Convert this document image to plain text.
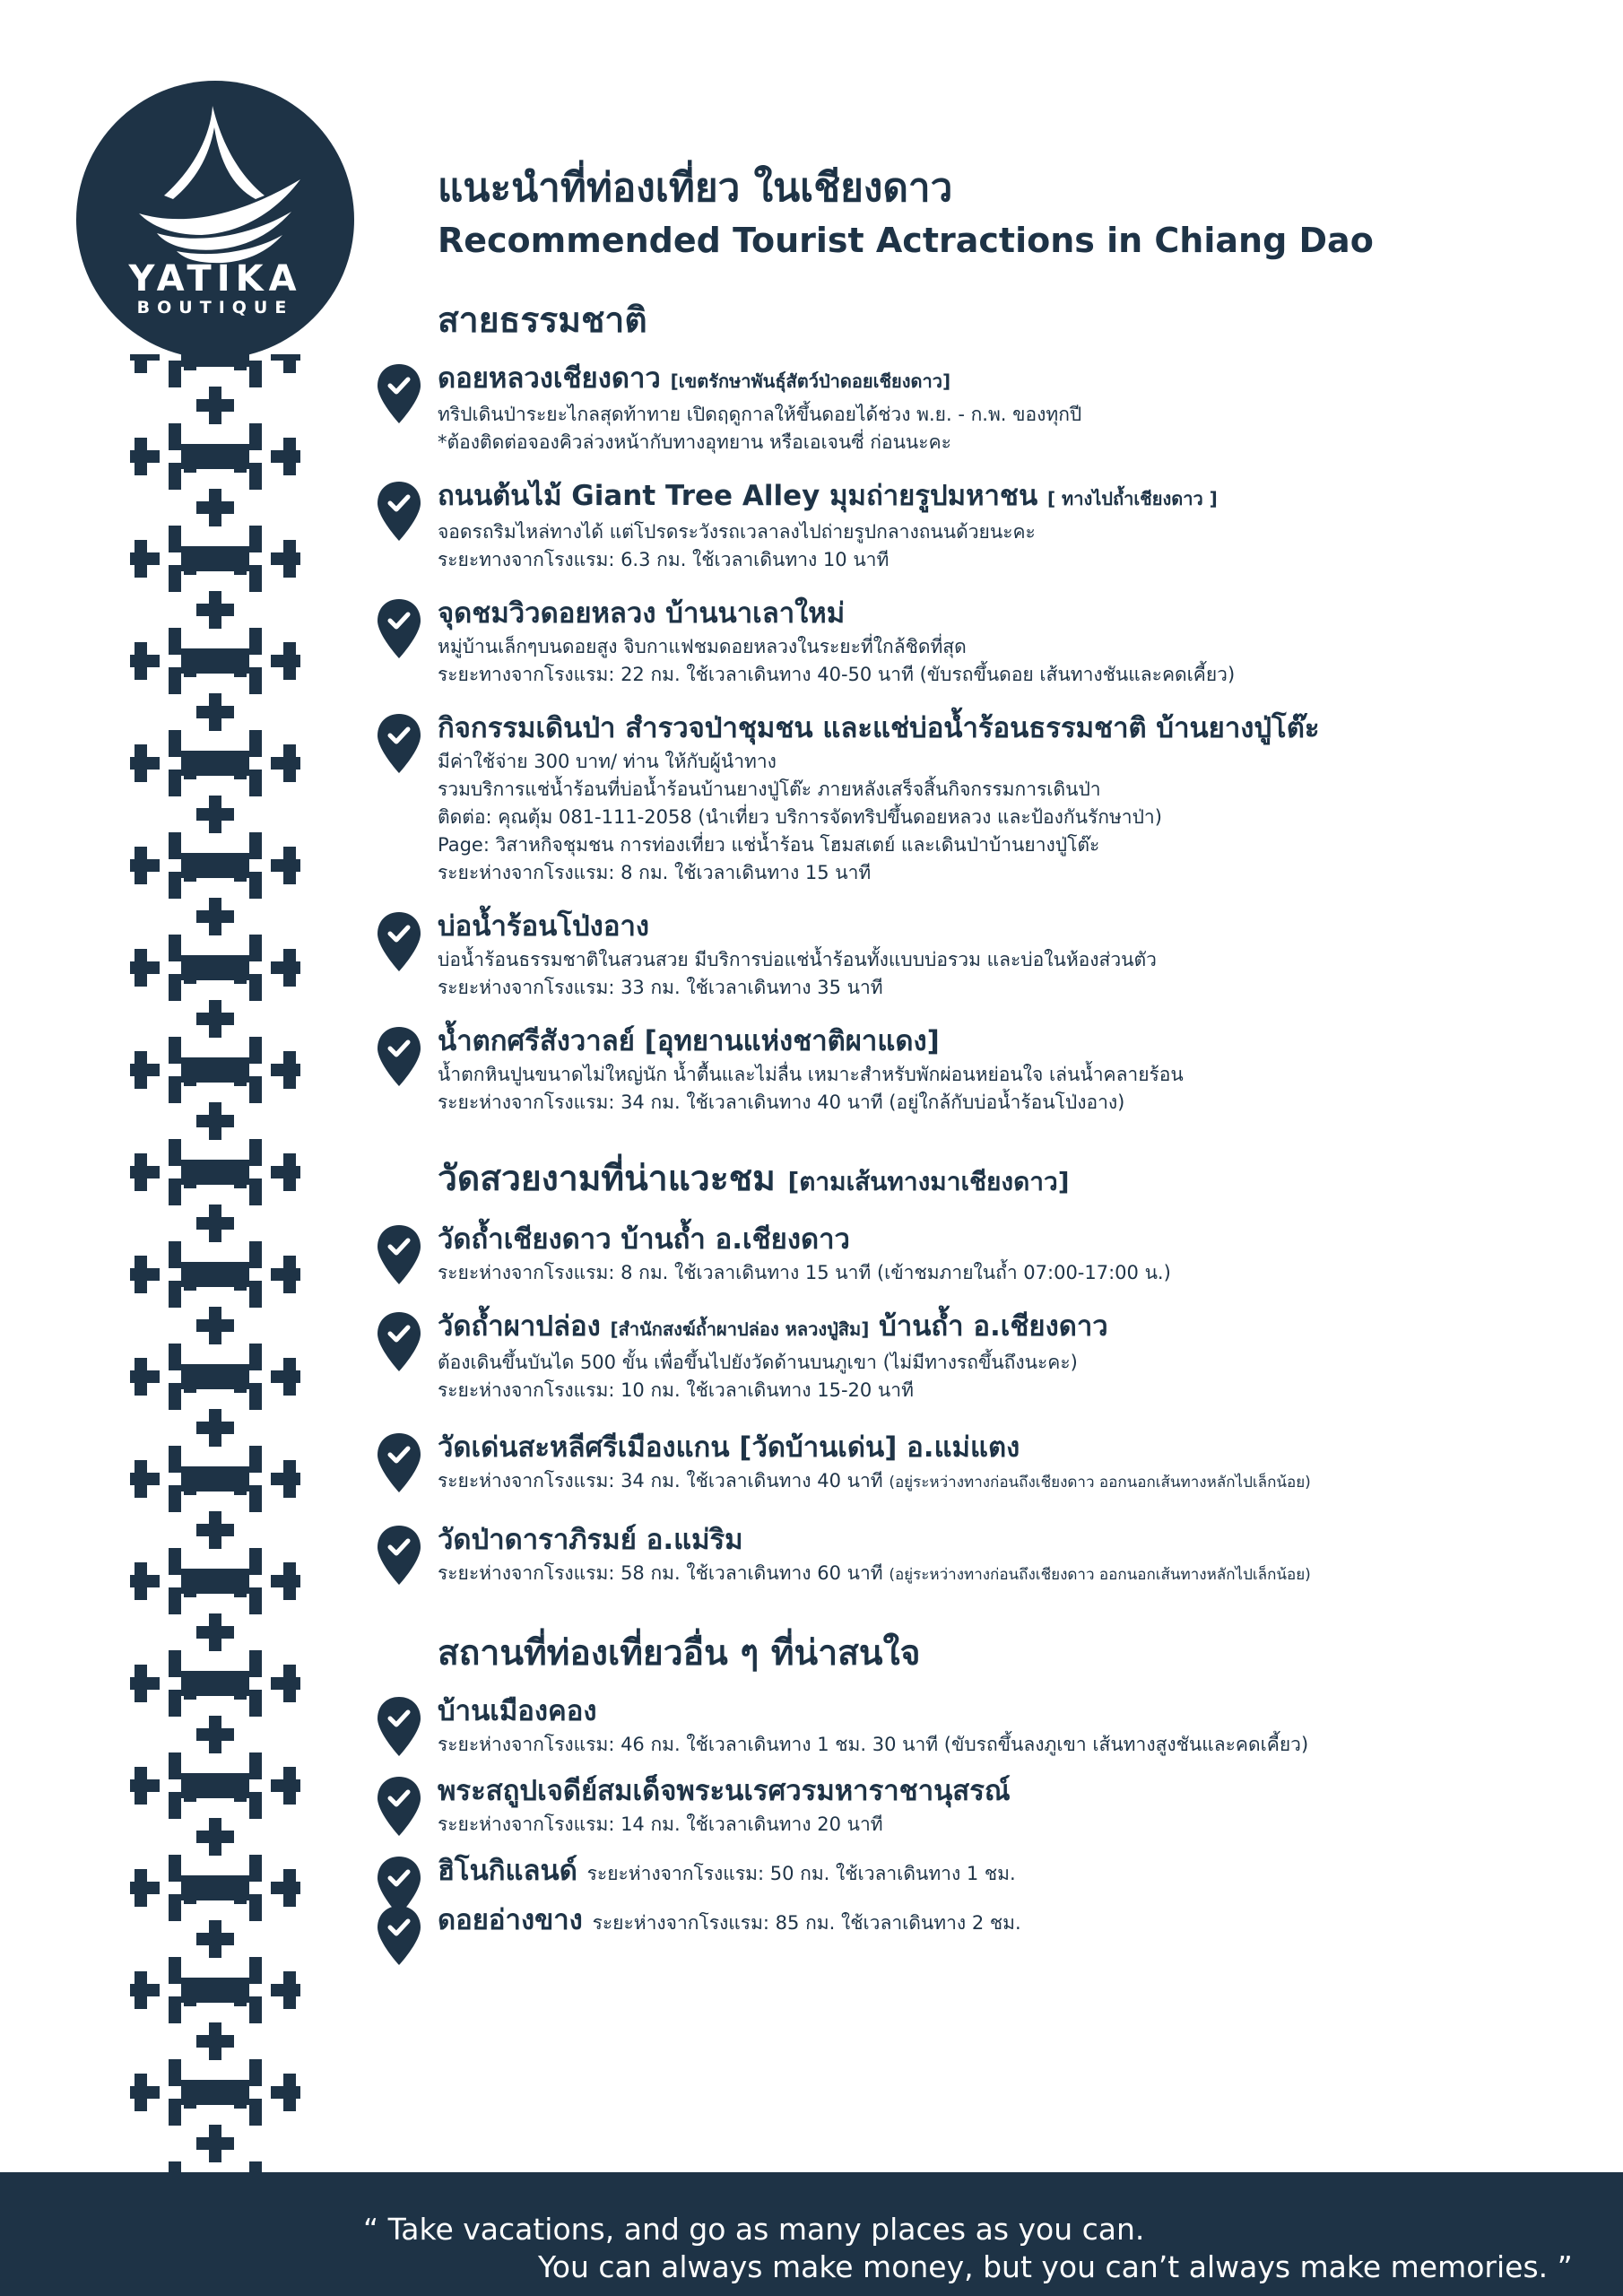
YATIKA
BOUTIQUE
แนะนำที่ท่องเที่ยว ในเชียงดาว
Recommended Tourist Actractions in Chiang Dao
สายธรรมชาติ
ดอยหลวงเชียงดาว [เขตรักษาพันธุ์สัตว์ป่าดอยเชียงดาว]
ทริปเดินป่าระยะไกลสุดท้าทาย เปิดฤดูกาลให้ขึ้นดอยได้ช่วง พ.ย. - ก.พ. ของทุกปี
*ต้องติดต่อจองคิวล่วงหน้ากับทางอุทยาน หรือเอเจนซี่ ก่อนนะคะ
ถนนต้นไม้ Giant Tree Alley มุมถ่ายรูปมหาชน [ ทางไปถ้ำเชียงดาว ]
จอดรถริมไหล่ทางได้ แต่โปรดระวังรถเวลาลงไปถ่ายรูปกลางถนนด้วยนะคะ
ระยะทางจากโรงแรม: 6.3 กม. ใช้เวลาเดินทาง 10 นาที
จุดชมวิวดอยหลวง บ้านนาเลาใหม่
หมู่บ้านเล็กๆบนดอยสูง จิบกาแฟชมดอยหลวงในระยะที่ใกล้ชิดที่สุด
ระยะทางจากโรงแรม: 22 กม. ใช้เวลาเดินทาง 40-50 นาที (ขับรถขึ้นดอย เส้นทางชันและคดเคี้ยว)
กิจกรรมเดินป่า สำรวจป่าชุมชน และแช่บ่อน้ำร้อนธรรมชาติ บ้านยางปู่โต๊ะ
มีค่าใช้จ่าย 300 บาท/ ท่าน ให้กับผู้นำทาง
รวมบริการแช่น้ำร้อนที่บ่อน้ำร้อนบ้านยางปู่โต๊ะ ภายหลังเสร็จสิ้นกิจกรรมการเดินป่า
ติดต่อ: คุณตุ้ม 081-111-2058 (นำเที่ยว บริการจัดทริปขึ้นดอยหลวง และป้องกันรักษาป่า)
Page: วิสาหกิจชุมชน การท่องเที่ยว แช่น้ำร้อน โฮมสเตย์ และเดินป่าบ้านยางปู่โต๊ะ
ระยะห่างจากโรงแรม: 8 กม. ใช้เวลาเดินทาง 15 นาที
บ่อน้ำร้อนโป่งอาง
บ่อน้ำร้อนธรรมชาติในสวนสวย มีบริการบ่อแช่น้ำร้อนทั้งแบบบ่อรวม และบ่อในห้องส่วนตัว
ระยะห่างจากโรงแรม: 33 กม. ใช้เวลาเดินทาง 35 นาที
น้ำตกศรีสังวาลย์ [อุทยานแห่งชาติผาแดง]
น้ำตกหินปูนขนาดไม่ใหญ่นัก น้ำตื้นและไม่ลื่น เหมาะสำหรับพักผ่อนหย่อนใจ เล่นน้ำคลายร้อน
ระยะห่างจากโรงแรม: 34 กม. ใช้เวลาเดินทาง 40 นาที (อยู่ใกล้กับบ่อน้ำร้อนโป่งอาง)
วัดสวยงามที่น่าแวะชม [ตามเส้นทางมาเชียงดาว]
วัดถ้ำเชียงดาว บ้านถ้ำ อ.เชียงดาว
ระยะห่างจากโรงแรม: 8 กม. ใช้เวลาเดินทาง 15 นาที (เข้าชมภายในถ้ำ 07:00-17:00 น.)
วัดถ้ำผาปล่อง [สำนักสงฆ์ถ้ำผาปล่อง หลวงปู่สิม] บ้านถ้ำ อ.เชียงดาว
ต้องเดินขึ้นบันได 500 ขั้น เพื่อขึ้นไปยังวัดด้านบนภูเขา (ไม่มีทางรถขึ้นถึงนะคะ)
ระยะห่างจากโรงแรม: 10 กม. ใช้เวลาเดินทาง 15-20 นาที
วัดเด่นสะหลีศรีเมืองแกน [วัดบ้านเด่น] อ.แม่แตง
ระยะห่างจากโรงแรม: 34 กม. ใช้เวลาเดินทาง 40 นาที (อยู่ระหว่างทางก่อนถึงเชียงดาว ออกนอกเส้นทางหลักไปเล็กน้อย)
วัดป่าดาราภิรมย์ อ.แม่ริม
ระยะห่างจากโรงแรม: 58 กม. ใช้เวลาเดินทาง 60 นาที (อยู่ระหว่างทางก่อนถึงเชียงดาว ออกนอกเส้นทางหลักไปเล็กน้อย)
สถานที่ท่องเที่ยวอื่น ๆ ที่น่าสนใจ
บ้านเมืองคอง
ระยะห่างจากโรงแรม: 46 กม. ใช้เวลาเดินทาง 1 ชม. 30 นาที (ขับรถขึ้นลงภูเขา เส้นทางสูงชันและคดเคี้ยว)
พระสถูปเจดีย์สมเด็จพระนเรศวรมหาราชานุสรณ์
ระยะห่างจากโรงแรม: 14 กม. ใช้เวลาเดินทาง 20 นาที
ฮิโนกิแลนด์ ระยะห่างจากโรงแรม: 50 กม. ใช้เวลาเดินทาง 1 ชม.
ดอยอ่างขาง ระยะห่างจากโรงแรม: 85 กม. ใช้เวลาเดินทาง 2 ชม.
“ Take vacations, and go as many places as you can.
You can always make money, but you can’t always make memories. ”
